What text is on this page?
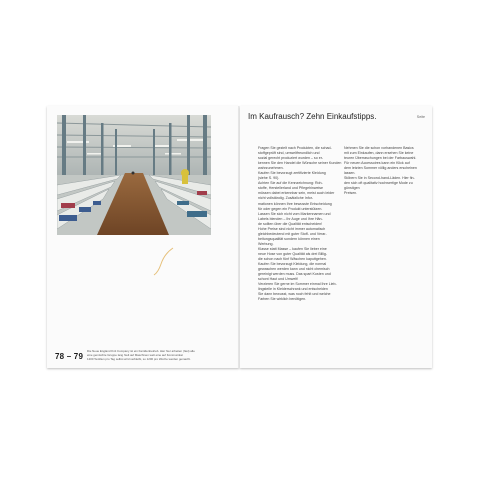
78 – 79
Die Neue England Knit Company ist ein Familienbetrieb. Hier hier arbeiten (fast) alle
eine gemischte Gruppe lang hielt auf Maschinen welt eine auf Kommunikat
1200 Textilien pro Tag selbst wird verbleibt, so 1200 pro Woche werden gemacht.
Im Kaufrausch? Zehn Einkaufstipps.	Seite
Fragen Sie gezielt nach Produkten, die schad-
stoffgeprüft sind, umweltfreundlich und
sozial gerecht produziert wurden – so er-
kennen Sie den Handel die Wünsche seiner Kunden
wahrzunehmen.
Kaufen Sie bevorzugt zertifizierte Kleidung
(siehe S. 90).
Achten Sie auf die Kennzeichnung: Roh-
stoffe, Herstellerland und Pflegehinweise
müssen dabei erkennbar sein, meist auch leider
nicht vollständig. Zusätzliche Infor-
mationen können Ihre bewusste Entscheidung
für oder gegen ein Produkt unterstützen.
Lassen Sie sich nicht vom Markennamen und
Labels blenden – Ihr Auge und Ihre Hän-
de sollten über die Qualität entscheiden!
Hohe Preise sind nicht immer automatisch
gleichbedeutend mit guter Stoff- und Verar-
beitungsqualität sondern können einen
Werbung.
Klasse statt Masse – kaufen Sie lieber eine
neue Hose von guter Qualität als drei Billig-
die schon nach fünf Wäschen kaputtgehen.
Kaufen Sie bevorzugt Kleidung, die normal
gewaschen werden kann und nicht chemisch
gereinigt werden muss. Das spart Kosten und
schont Haut und Umwelt!
Verzieren Sie gerne im Sommer einmal Ihre Lieb-
lingsteile in Kleiderschrank und entscheiden
Sie dann bewusst, was noch fehlt und welche
Farben Sie wirklich benötigen.
Nehmen Sie die schon vorhandenen Basics
mit zum Einkaufen, dann ersehen Sie keine
teuren Überraschungen bei der Farbauswahl.
Für neuen Accessoires kann ein Klick auf
dem letzten Sommer völlig anders erscheinen
lassen.
Stöbern Sie in Second-hand-Läden. Hier fin-
den sich oft qualitativ hochwertige Mode zu günstigen
Preisen.
